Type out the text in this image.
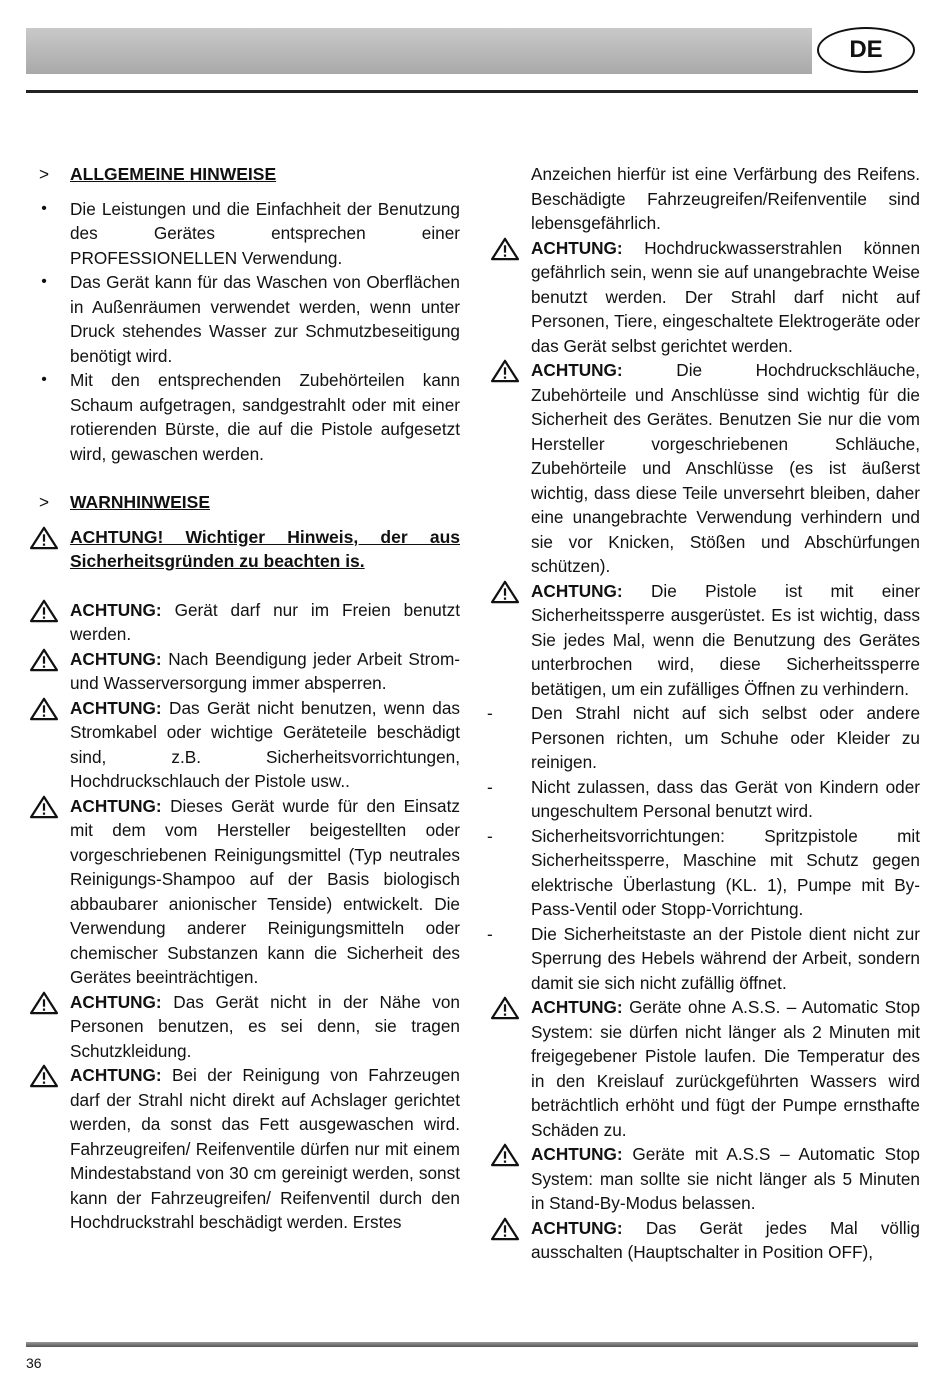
DE
>	ALLGEMEINE HINWEISE
•	Die Leistungen und die Einfachheit der Benutzung des Gerätes entsprechen einer PROFESSIONELLEN Verwendung.
•	Das Gerät kann für das Waschen von Oberflächen in Außenräumen verwendet werden, wenn unter Druck stehendes Wasser zur Schmutzbeseitigung benötigt wird.
•	Mit den entsprechenden Zubehörteilen kann Schaum aufgetragen, sandgestrahlt oder mit einer rotierenden Bürste, die auf die Pistole aufgesetzt wird, gewaschen werden.
>	WARNHINWEISE
ACHTUNG! Wichtiger Hinweis, der aus Sicherheitsgründen zu beachten is.
ACHTUNG: Gerät darf nur im Freien benutzt werden.
ACHTUNG: Nach Beendigung jeder Arbeit Strom- und Wasserversorgung immer absperren.
ACHTUNG: Das Gerät nicht benutzen, wenn das Stromkabel oder wichtige Geräteteile beschädigt sind, z.B. Sicherheitsvorrichtungen, Hochdruckschlauch der Pistole usw..
ACHTUNG: Dieses Gerät wurde für den Einsatz mit dem vom Hersteller beigestellten oder vorgeschriebenen Reinigungsmittel (Typ neutrales Reinigungs-Shampoo auf der Basis biologisch abbaubarer anionischer Tenside) entwickelt. Die Verwendung anderer Reinigungsmitteln oder chemischer Substanzen kann die Sicherheit des Gerätes beeinträchtigen.
ACHTUNG: Das Gerät nicht in der Nähe von Personen benutzen, es sei denn, sie tragen Schutzkleidung.
ACHTUNG: Bei der Reinigung von Fahrzeugen darf der Strahl nicht direkt auf Achslager gerichtet werden, da sonst das Fett ausgewaschen wird. Fahrzeugreifen/ Reifenventile dürfen nur mit einem Mindestabstand von 30 cm gereinigt werden, sonst kann der Fahrzeugreifen/ Reifenventil durch den Hochdruckstrahl beschädigt werden. Erstes
Anzeichen hierfür ist eine Verfärbung des Reifens. Beschädigte Fahrzeugreifen/Reifenventile sind lebensgefährlich.
ACHTUNG: Hochdruckwasserstrahlen können gefährlich sein, wenn sie auf unangebrachte Weise benutzt werden. Der Strahl darf nicht auf Personen, Tiere, eingeschaltete Elektrogeräte oder das Gerät selbst gerichtet werden.
ACHTUNG:	Die Hochdruckschläuche, Zubehörteile und Anschlüsse sind wichtig für die Sicherheit des Gerätes. Benutzen Sie nur die vom Hersteller vorgeschriebenen Schläuche, Zubehörteile und Anschlüsse (es ist äußerst wichtig, dass diese Teile unversehrt bleiben, daher eine unangebrachte Verwendung verhindern und sie vor Knicken, Stößen und Abschürfungen schützen).
ACHTUNG: Die Pistole ist mit einer Sicherheitssperre ausgerüstet. Es ist wichtig, dass Sie jedes Mal, wenn die Benutzung des Gerätes unterbrochen wird, diese Sicherheitssperre betätigen, um ein zufälliges Öffnen zu verhindern.
-	Den Strahl nicht auf sich selbst oder andere Personen richten, um Schuhe oder Kleider zu reinigen.
-	Nicht zulassen, dass das Gerät von Kindern oder ungeschultem Personal benutzt wird.
-	Sicherheitsvorrichtungen: Spritzpistole mit Sicherheitssperre, Maschine mit Schutz gegen elektrische Überlastung (KL. 1), Pumpe mit By-Pass-Ventil oder Stopp-Vorrichtung.
-	Die Sicherheitstaste an der Pistole dient nicht zur Sperrung des Hebels während der Arbeit, sondern damit sie sich nicht zufällig öffnet.
ACHTUNG: Geräte ohne A.S.S. – Automatic Stop System: sie dürfen nicht länger als 2 Minuten mit freigegebener Pistole laufen. Die Temperatur des in den Kreislauf zurückgeführten Wassers wird beträchtlich erhöht und fügt der Pumpe ernsthafte Schäden zu.
ACHTUNG: Geräte mit A.S.S – Automatic Stop System: man sollte sie nicht länger als 5 Minuten in Stand-By-Modus belassen.
ACHTUNG: Das Gerät jedes Mal völlig ausschalten (Hauptschalter in Position OFF),
36
